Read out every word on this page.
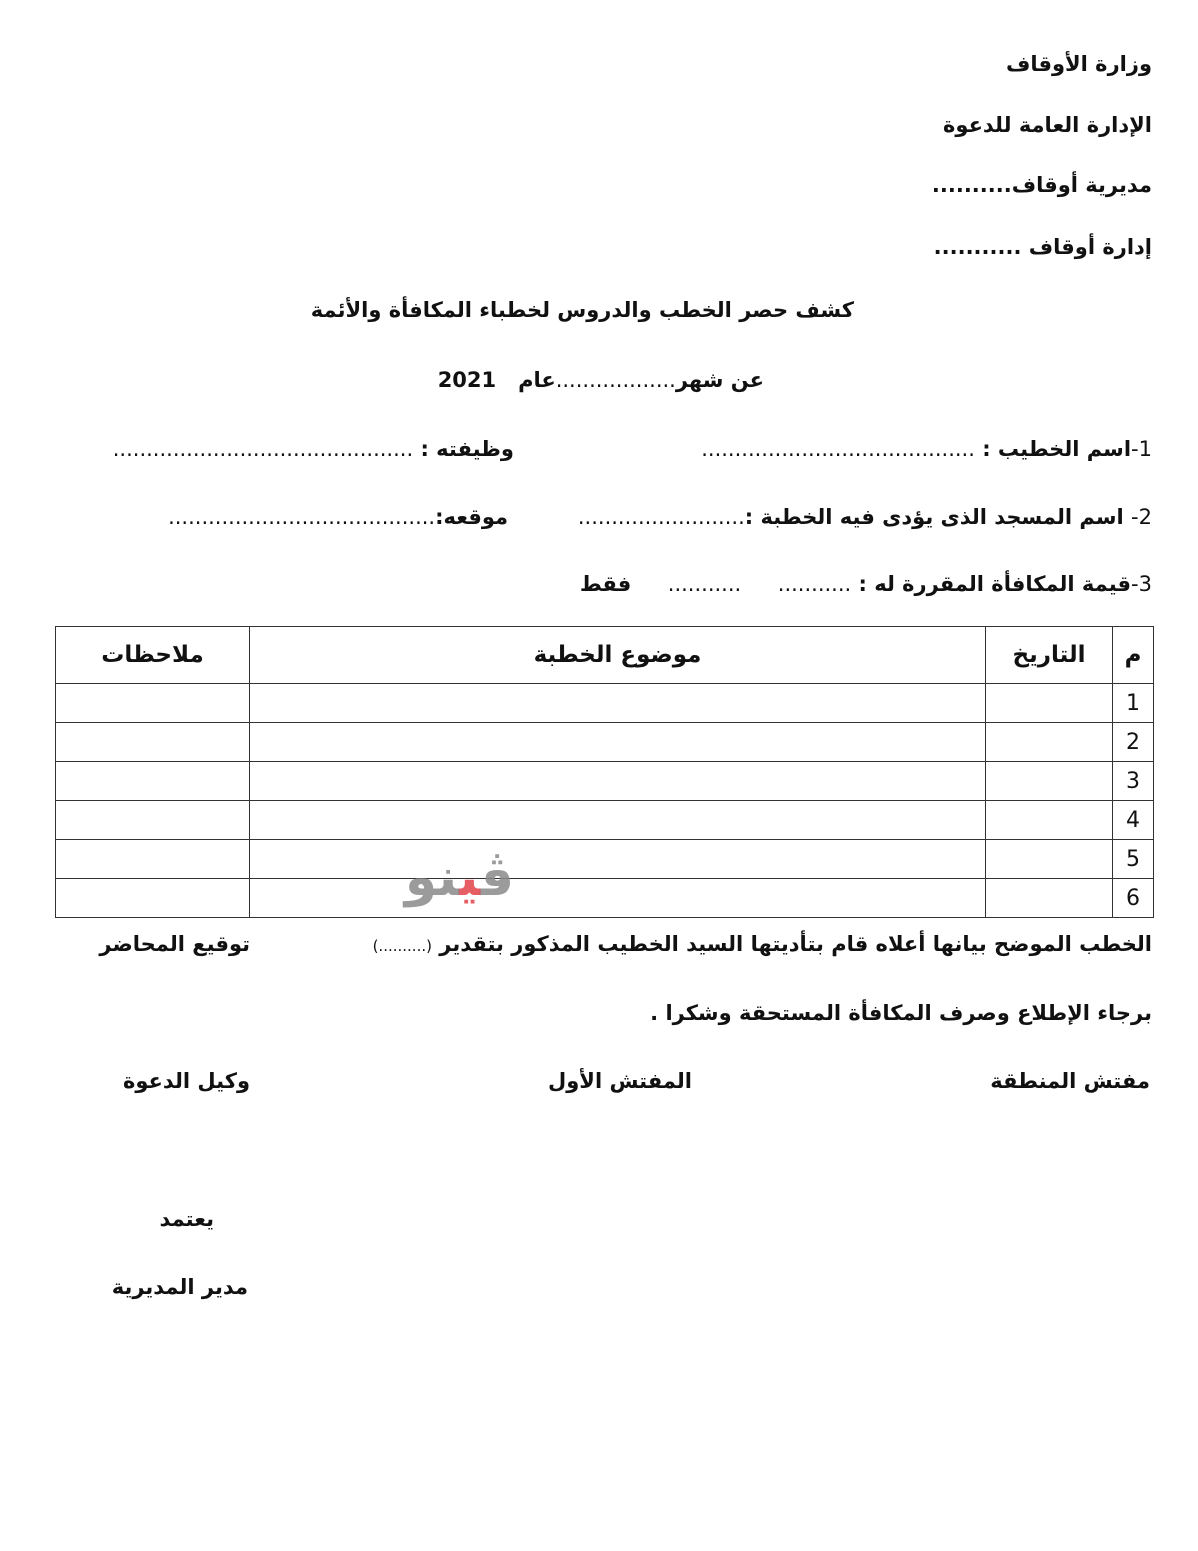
وزارة الأوقاف
الإدارة العامة للدعوة
مديرية أوقاف..........
إدارة أوقاف ...........
كشف حصر الخطب والدروس لخطباء المكافأة والأئمة
عن شهر..................عام   2021
1-اسم الخطيب : .........................................
وظيفته : .............................................
2- اسم المسجد الذى يؤدى فيه الخطبة :.........................
موقعه:........................................
3-قيمة المكافأة المقررة له : ...........     ...........     فقط
م	التاريخ	موضوع الخطبة	ملاحظات
1			
2			
3			
4			
5			
6			
ڤينو
الخطب الموضح بيانها أعلاه قام بتأديتها السيد الخطيب المذكور بتقدير (..........)
توقيع المحاضر
برجاء الإطلاع وصرف المكافأة المستحقة وشكرا .
مفتش المنطقة
المفتش الأول
وكيل الدعوة
يعتمد
مدير المديرية
